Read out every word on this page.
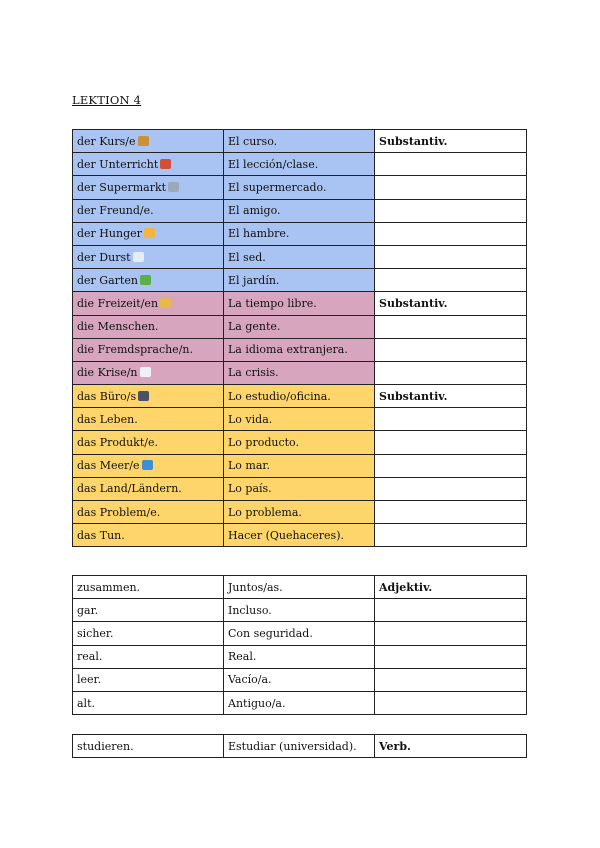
LEKTION 4
der Kurs/e	El curso.	Substantiv.
der Unterricht	El lección/clase.	
der Supermarkt	El supermercado.	
der Freund/e.	El amigo.	
der Hunger	El hambre.	
der Durst	El sed.	
der Garten	El jardín.	
die Freizeit/en	La tiempo libre.	Substantiv.
die Menschen.	La gente.	
die Fremdsprache/n.	La idioma extranjera.	
die Krise/n	La crisis.	
das Büro/s	Lo estudio/oficina.	Substantiv.
das Leben.	Lo vida.	
das Produkt/e.	Lo producto.	
das Meer/e	Lo mar.	
das Land/Ländern.	Lo país.	
das Problem/e.	Lo problema.	
das Tun.	Hacer (Quehaceres).	
zusammen.	Juntos/as.	Adjektiv.
gar.	Incluso.	
sicher.	Con seguridad.	
real.	Real.	
leer.	Vacío/a.	
alt.	Antiguo/a.	
studieren.	Estudiar (universidad).	Verb.
